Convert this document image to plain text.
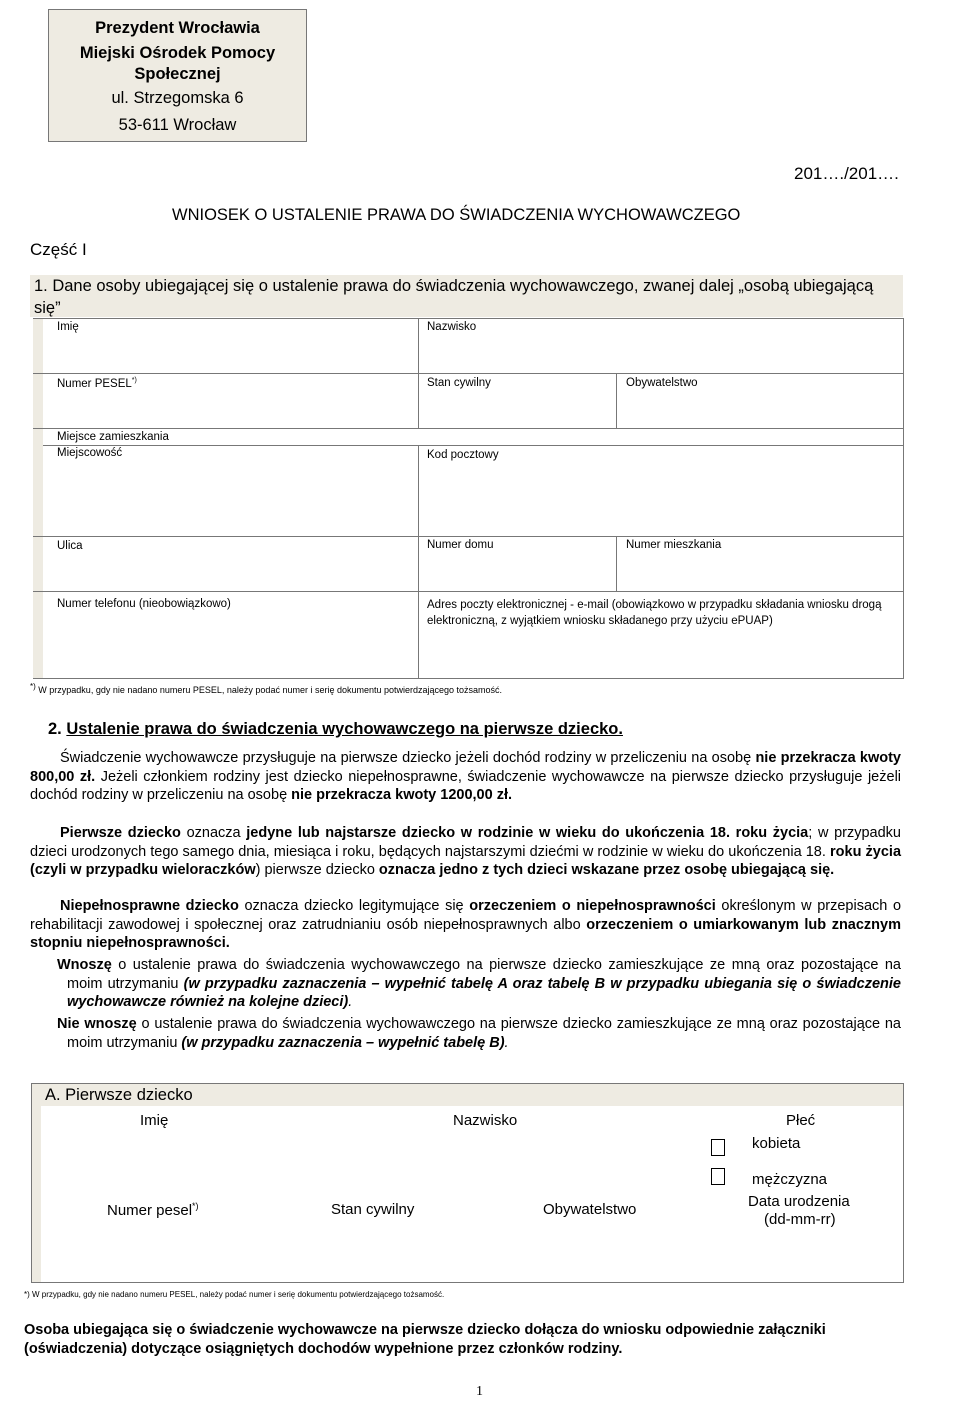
Prezydent Wrocławia
Miejski Ośrodek Pomocy Społecznej
ul. Strzegomska 6
53-611 Wrocław
201…./201….
WNIOSEK O USTALENIE PRAWA DO ŚWIADCZENIA WYCHOWAWCZEGO
Część I
1. Dane osoby ubiegającej się o ustalenie prawa do świadczenia wychowawczego, zwanej dalej „osobą ubiegającą się”
Imię	Nazwisko
Numer PESEL*)	Stan cywilny	Obywatelstwo
Miejsce zamieszkania
Miejscowość	Kod pocztowy
Ulica	Numer domu	Numer mieszkania
Numer telefonu (nieobowiązkowo)	Adres poczty elektronicznej - e-mail (obowiązkowo w przypadku składania wniosku drogą elektroniczną, z wyjątkiem wniosku składanego przy użyciu ePUAP)
*) W przypadku, gdy nie nadano numeru PESEL, należy podać numer i serię dokumentu potwierdzającego tożsamość.
2. Ustalenie prawa do świadczenia wychowawczego na pierwsze dziecko.
Świadczenie wychowawcze przysługuje na pierwsze dziecko jeżeli dochód rodziny w przeliczeniu na osobę nie przekracza kwoty 800,00 zł. Jeżeli członkiem rodziny jest dziecko niepełnosprawne, świadczenie wychowawcze na pierwsze dziecko przysługuje jeżeli dochód rodziny w przeliczeniu na osobę nie przekracza kwoty 1200,00 zł.
Pierwsze dziecko oznacza jedyne lub najstarsze dziecko w rodzinie w wieku do ukończenia 18. roku życia; w przypadku dzieci urodzonych tego samego dnia, miesiąca i roku, będących najstarszymi dziećmi w rodzinie w wieku do ukończenia 18. roku życia (czyli w przypadku wieloraczków) pierwsze dziecko oznacza jedno z tych dzieci wskazane przez osobę ubiegającą się.
Niepełnosprawne dziecko oznacza dziecko legitymujące się orzeczeniem o niepełnosprawności określonym w przepisach o rehabilitacji zawodowej i społecznej oraz zatrudnianiu osób niepełnosprawnych albo orzeczeniem o umiarkowanym lub znacznym stopniu niepełnosprawności.
Wnoszę o ustalenie prawa do świadczenia wychowawczego na pierwsze dziecko zamieszkujące ze mną oraz pozostające na moim utrzymaniu (w przypadku zaznaczenia – wypełnić tabelę A oraz tabelę B w przypadku ubiegania się o świadczenie wychowawcze również na kolejne dzieci).
Nie wnoszę o ustalenie prawa do świadczenia wychowawczego na pierwsze dziecko zamieszkujące ze mną oraz pozostające na moim utrzymaniu (w przypadku zaznaczenia – wypełnić tabelę B).
A. Pierwsze dziecko
Imię	Nazwisko	Płeć
kobieta
mężczyzna
Numer pesel*)	Stan cywilny	Obywatelstwo	Data urodzenia
(dd-mm-rr)
*) W przypadku, gdy nie nadano numeru PESEL, należy podać numer i serię dokumentu potwierdzającego tożsamość.
Osoba ubiegająca się o świadczenie wychowawcze na pierwsze dziecko dołącza do wniosku odpowiednie załączniki (oświadczenia) dotyczące osiągniętych dochodów wypełnione przez członków rodziny.
1
